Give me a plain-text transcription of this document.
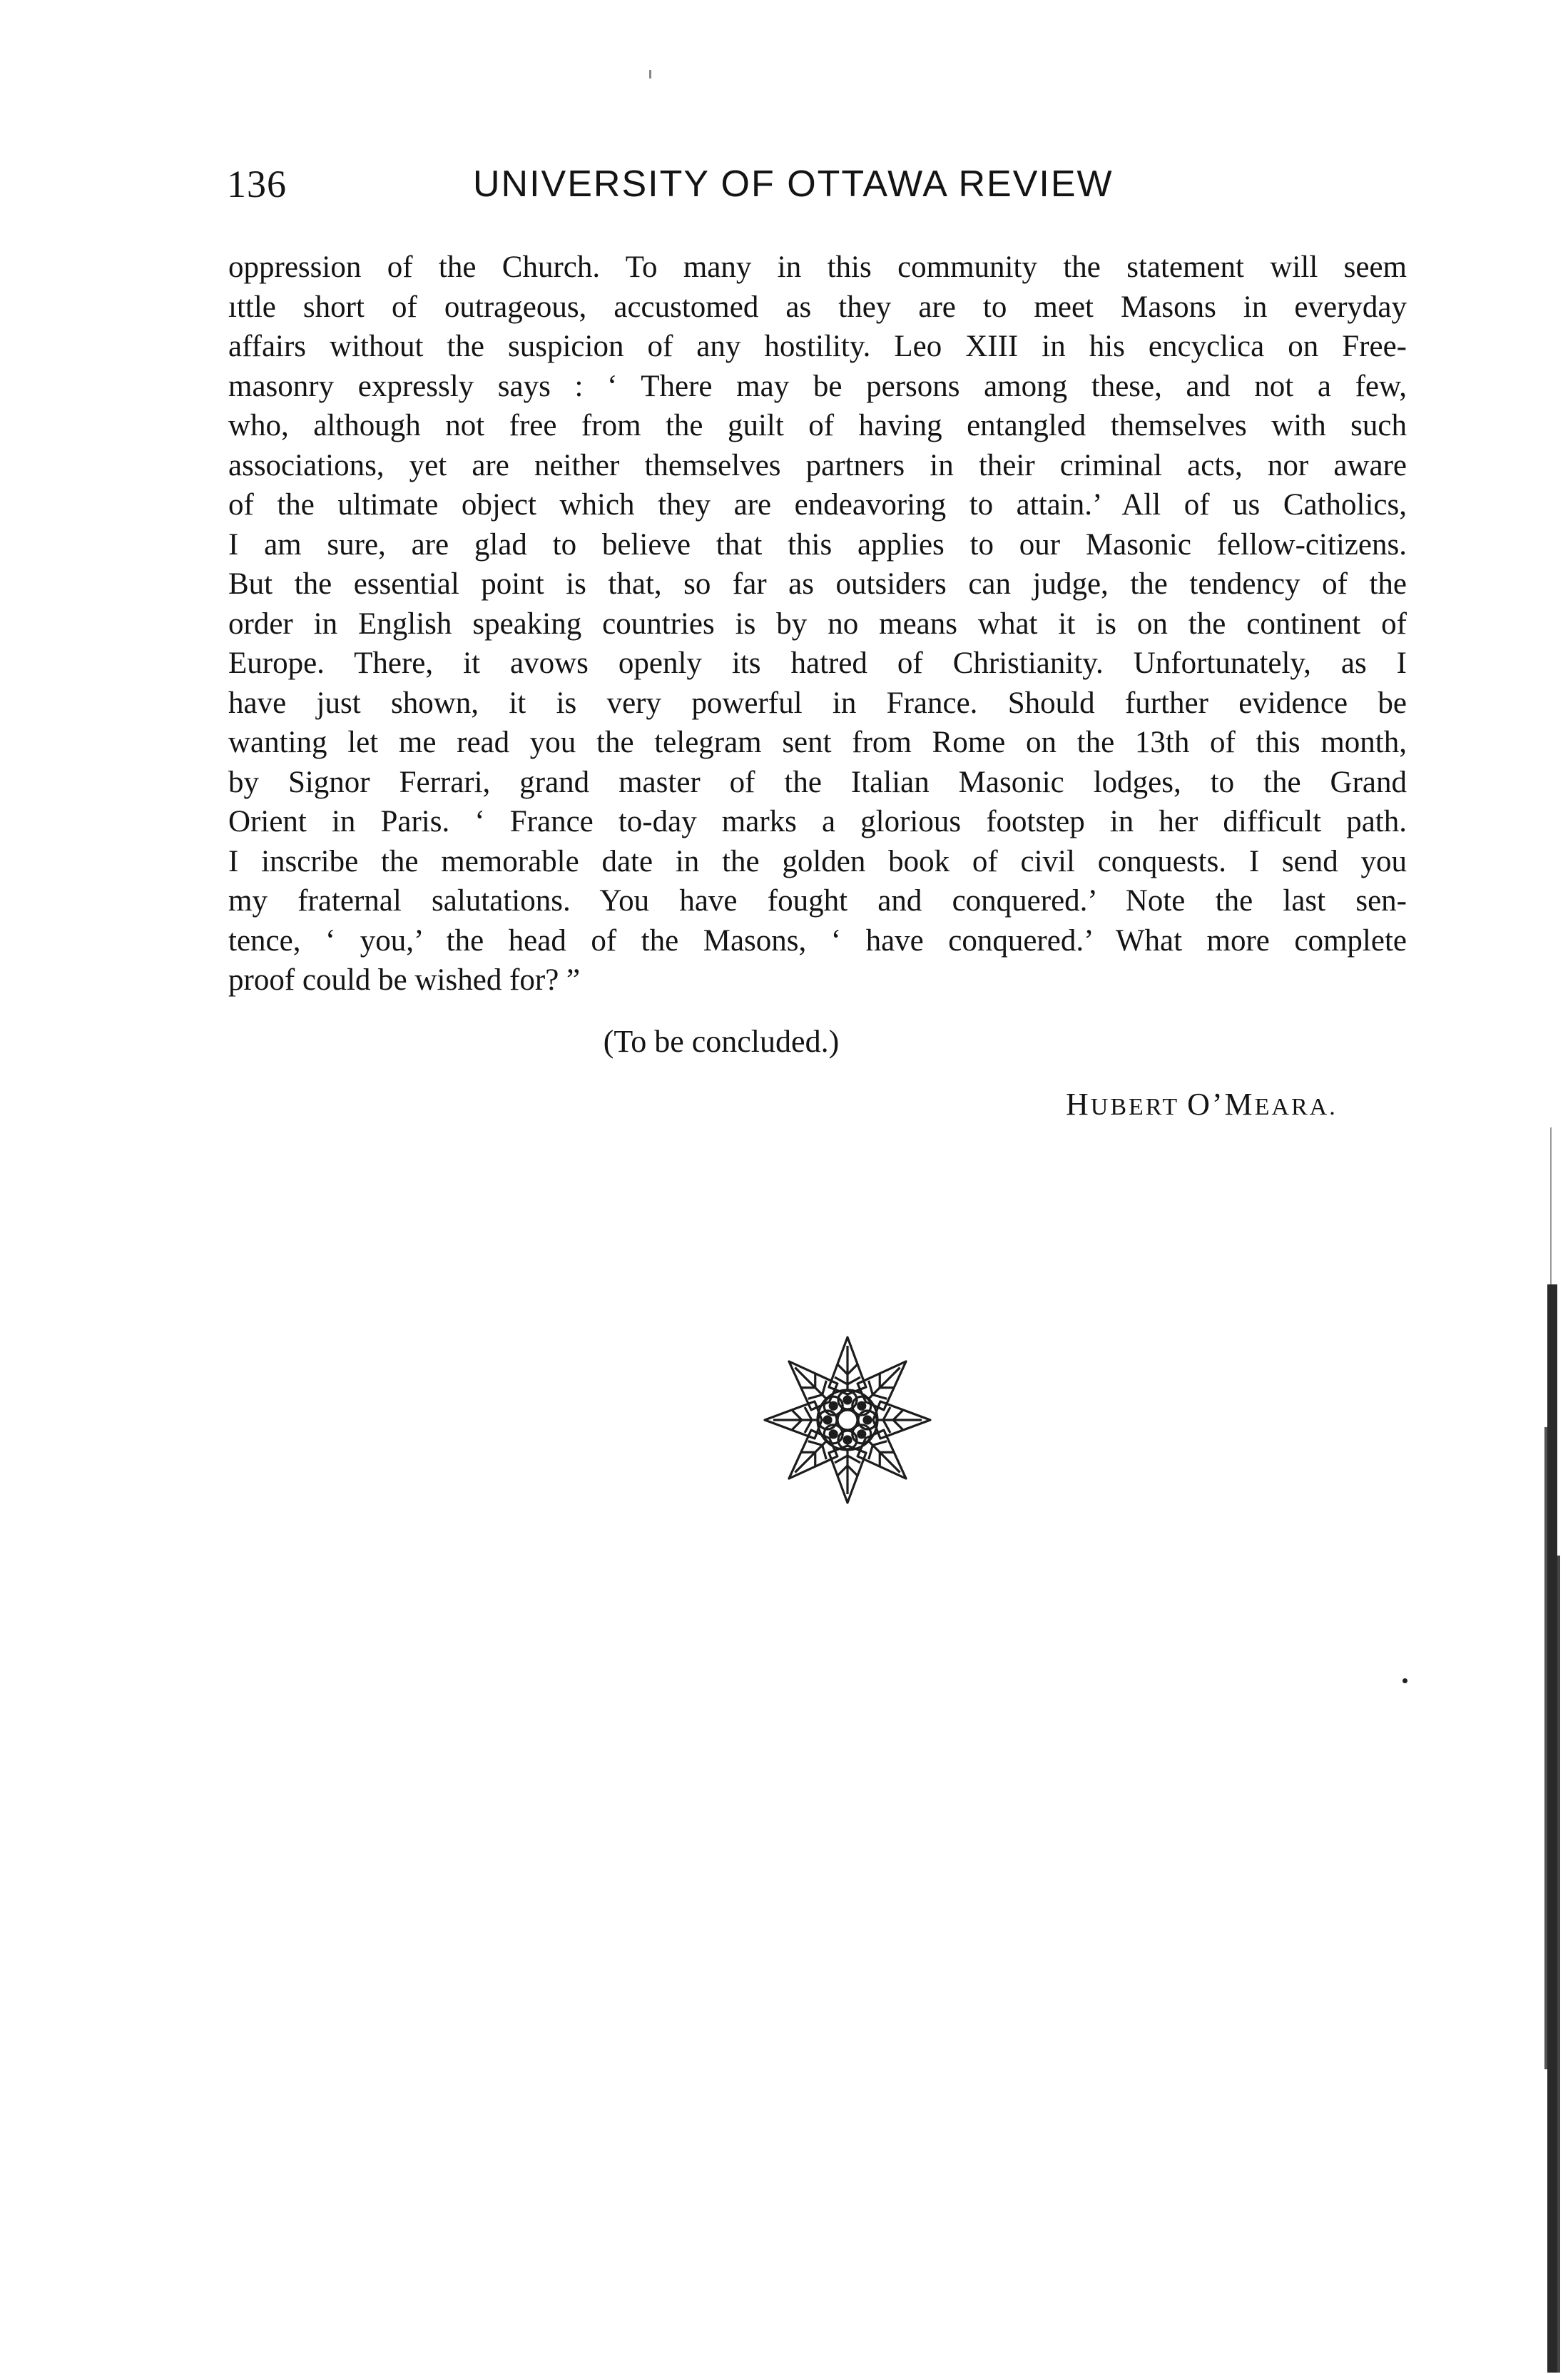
136	UNIVERSITY OF OTTAWA REVIEW
oppression of the Church. To many in this community the statement will seem
ıttle short of outrageous, accustomed as they are to meet Masons in everyday
affairs without the suspicion of any hostility. Leo XIII in his encyclica on Free-
masonry expressly says : ‘ There may be persons among these, and not a few,
who, although not free from the guilt of having entangled themselves with such
associations, yet are neither themselves partners in their criminal acts, nor aware
of the ultimate object which they are endeavoring to attain.’ All of us Catholics,
I am sure, are glad to believe that this applies to our Masonic fellow-citizens.
But the essential point is that, so far as outsiders can judge, the tendency of the
order in English speaking countries is by no means what it is on the continent of
Europe. There, it avows openly its hatred of Christianity. Unfortunately, as I
have just shown, it is very powerful in France. Should further evidence be
wanting let me read you the telegram sent from Rome on the 13th of this month,
by Signor Ferrari, grand master of the Italian Masonic lodges, to the Grand
Orient in Paris. ‘ France to-day marks a glorious footstep in her difficult path.
I inscribe the memorable date in the golden book of civil conquests. I send you
my fraternal salutations. You have fought and conquered.’ Note the last sen-
tence, ‘ you,’ the head of the Masons, ‘ have conquered.’ What more complete
proof could be wished for? ”
(To be concluded.)
HUBERT O’MEARA.
